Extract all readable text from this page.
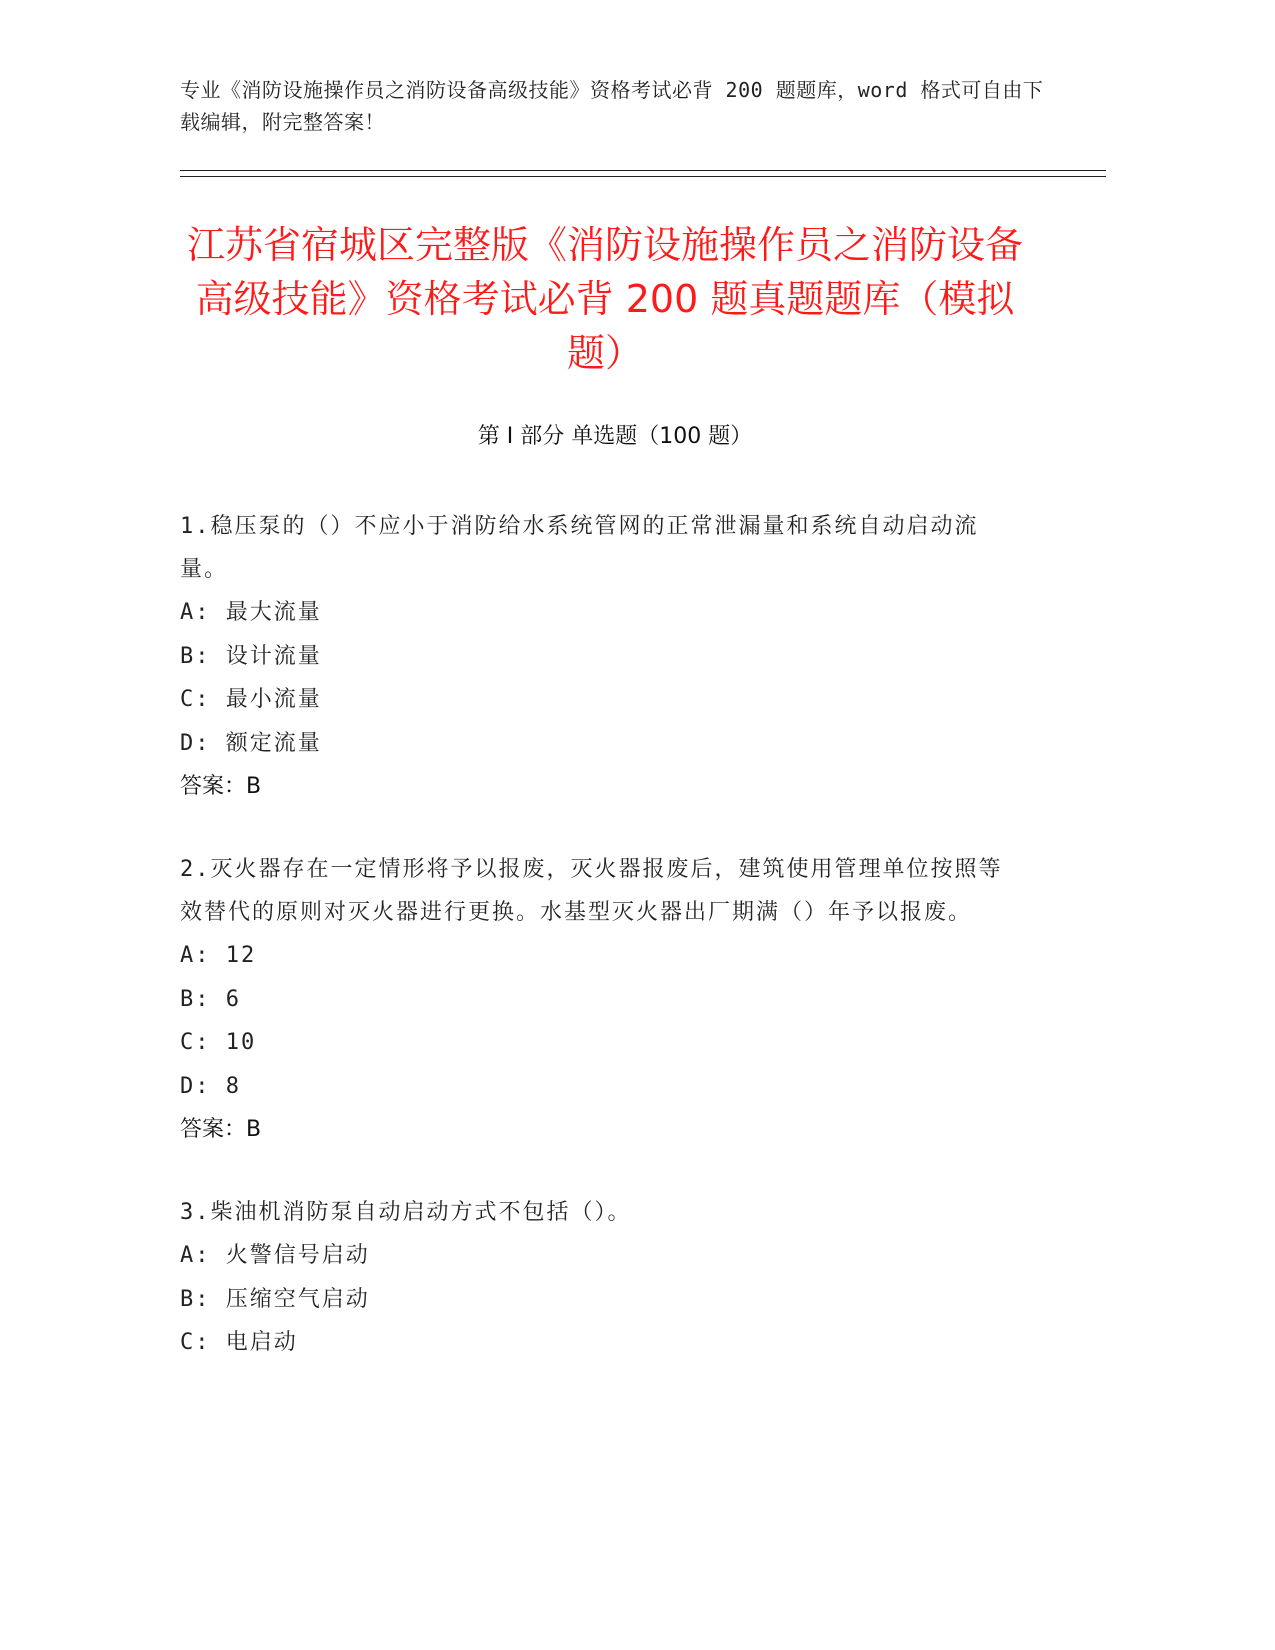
专业《消防设施操作员之消防设备高级技能》资格考试必背 200 题题库，word 格式可自由下载编辑，附完整答案！
江苏省宿城区完整版《消防设施操作员之消防设备高级技能》资格考试必背 200 题真题题库（模拟题）
第 I 部分 单选题（100 题）
1.稳压泵的（）不应小于消防给水系统管网的正常泄漏量和系统自动启动流量。
A: 最大流量
B: 设计流量
C: 最小流量
D: 额定流量
答案：B
2.灭火器存在一定情形将予以报废，灭火器报废后，建筑使用管理单位按照等效替代的原则对灭火器进行更换。水基型灭火器出厂期满（）年予以报废。
A: 12
B: 6
C: 10
D: 8
答案：B
3.柴油机消防泵自动启动方式不包括（）。
A: 火警信号启动
B: 压缩空气启动
C: 电启动
